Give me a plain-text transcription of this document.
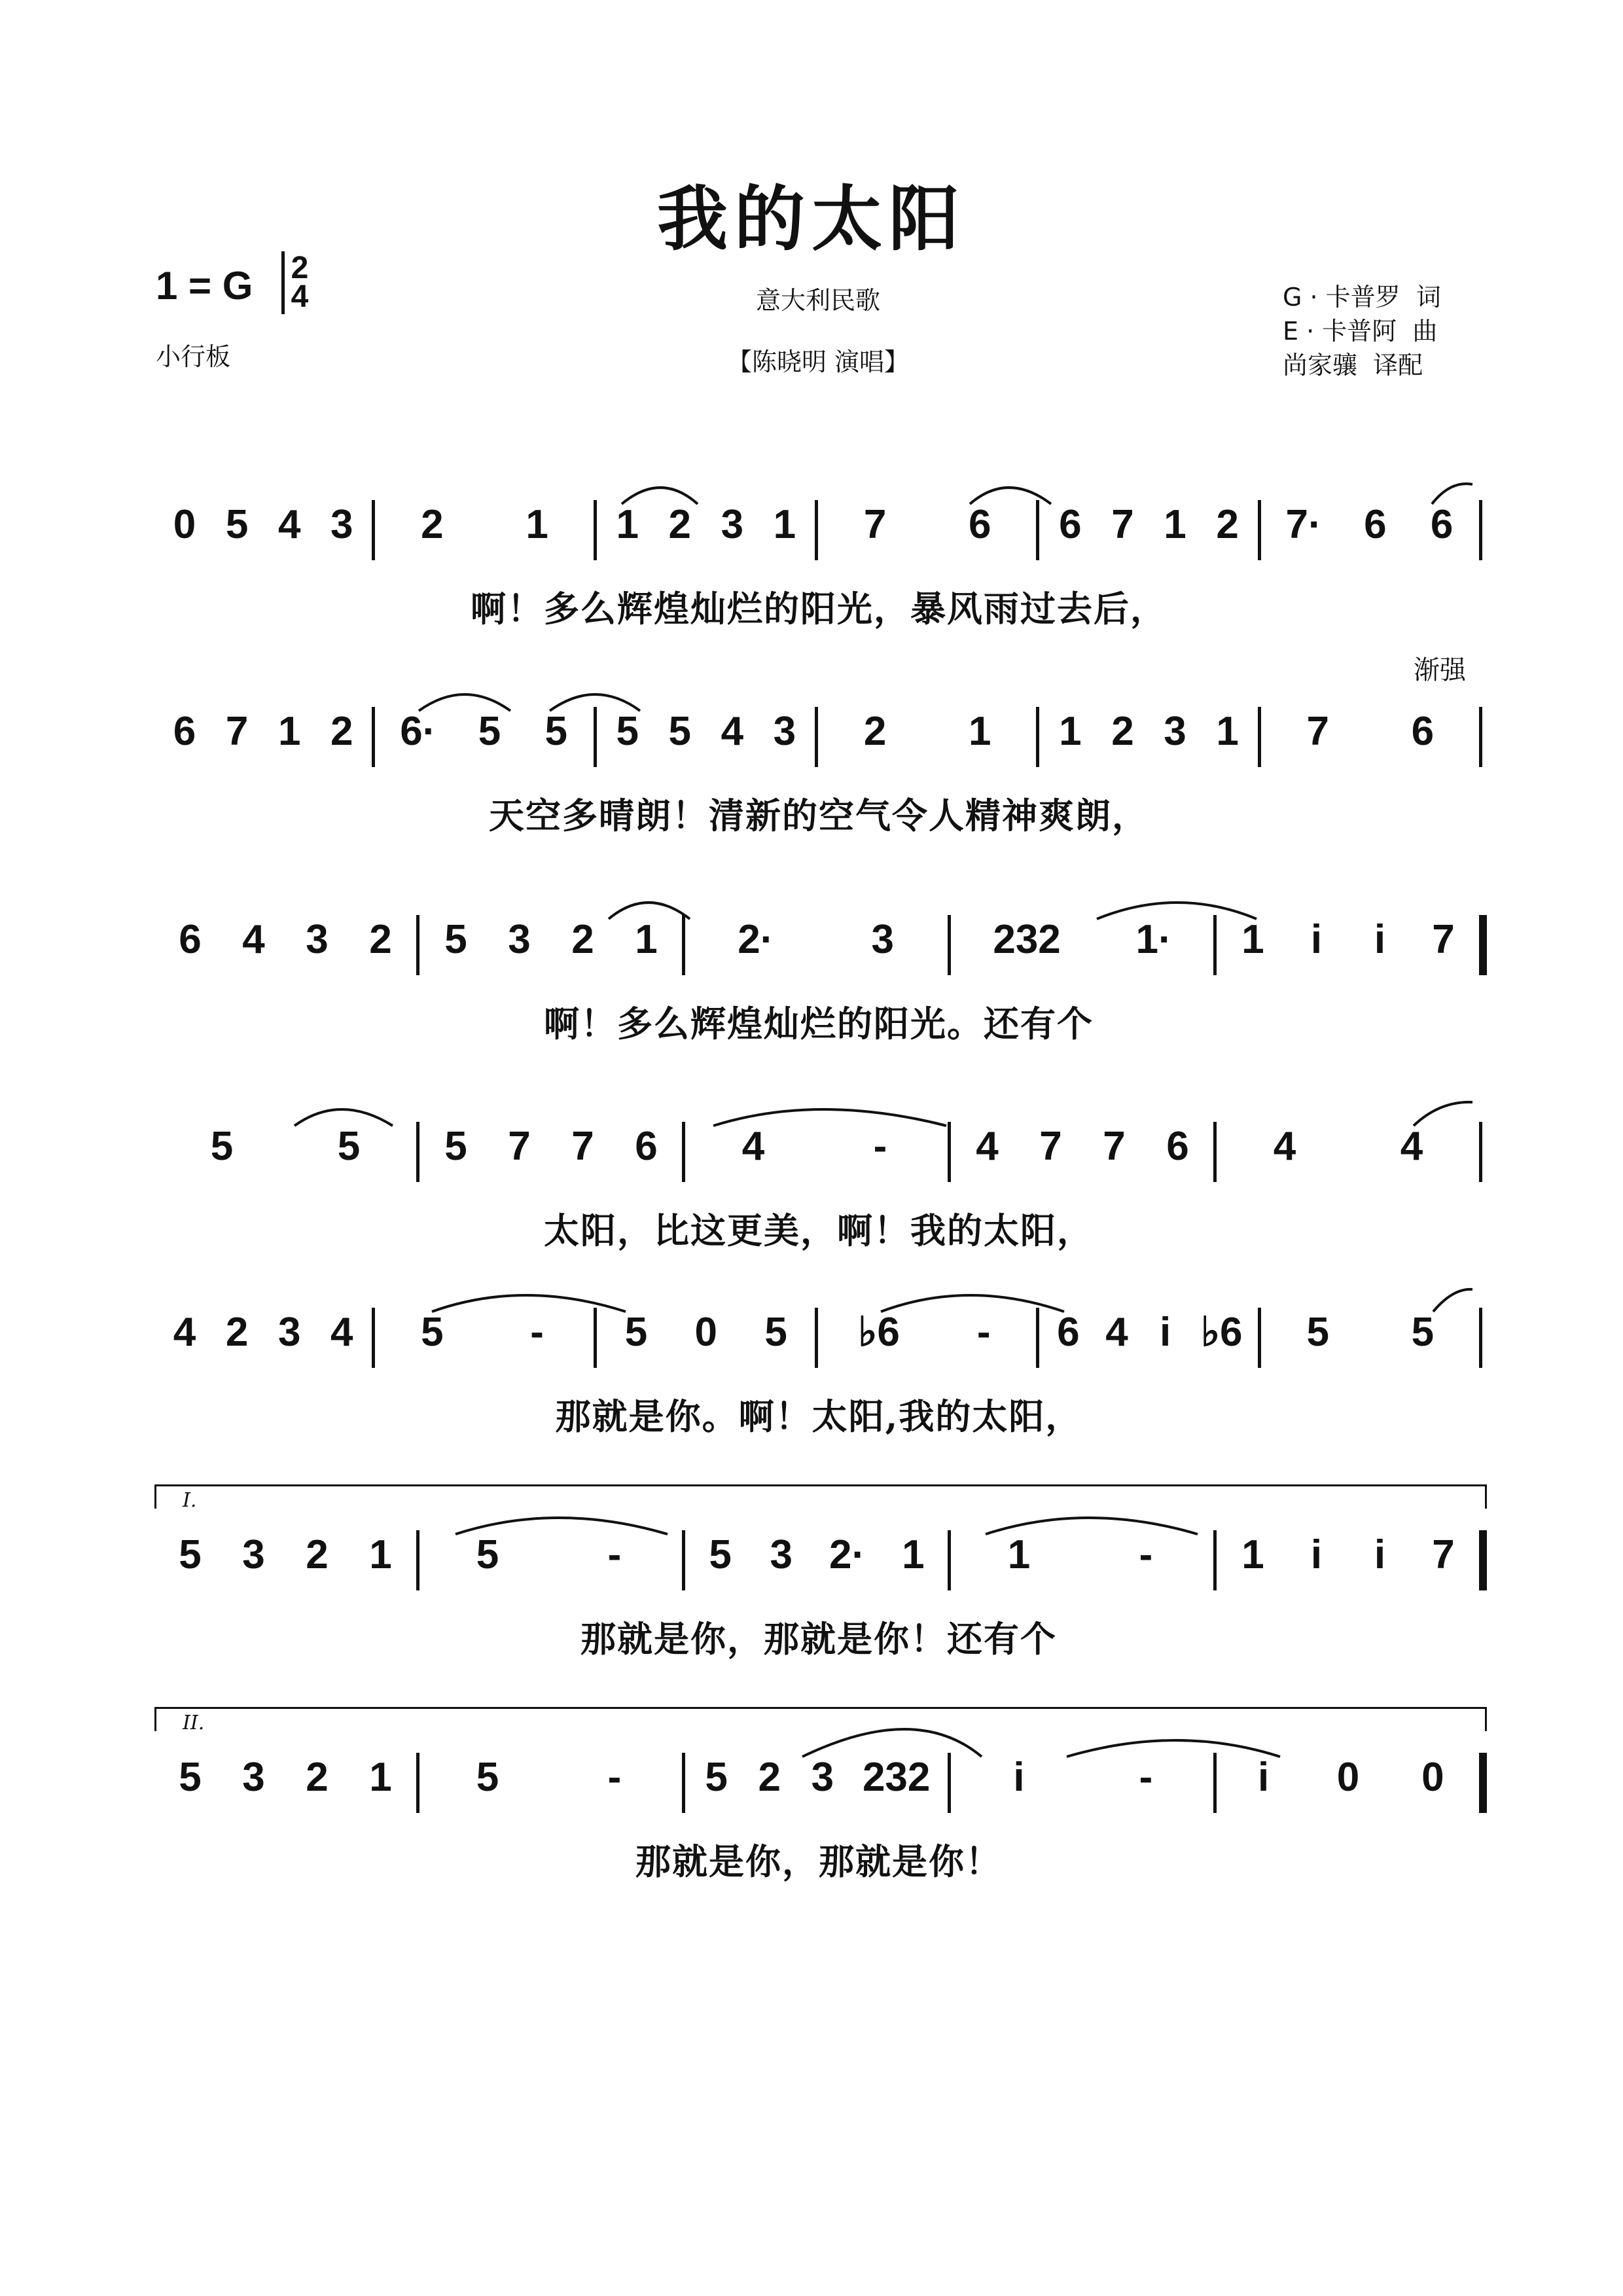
我的太阳
1 = G	2
4
小行板
意大利民歌
【陈晓明 演唱】
G · 卡普罗  词
E · 卡普阿  曲
尚家骧  译配
渐强
I.
II.
0 5 4 3 2 1 1 2 3 1 7 6 6 7 1 2 7· 6 6
啊！多么辉煌灿烂的阳光，暴风雨过去后，
6 7 1 2 6· 5 5 5 5 4 3 2 1 1 2 3 1 7 6
天空多晴朗！清新的空气令人精神爽朗，
6 4 3 2 5 3 2 1 2· 3 232 1· 1 i i 7
啊！多么辉煌灿烂的阳光。还有个
5	5 5 7 7 6 4	- 4 7 7 6 4	4
太阳，比这更美，啊！我的太阳，
4 2 3 4 5 - 5 0 5 ♭6 - 6 4 i ♭6 5 5
那就是你。啊！太阳,我的太阳，
5 3 2 1 5	- 5 3 2· 1 1	- 1 i i 7
那就是你，那就是你！还有个
5 3 2 1 5	- 5 2 3 232 i	-	i 0 0
那就是你，那就是你！
